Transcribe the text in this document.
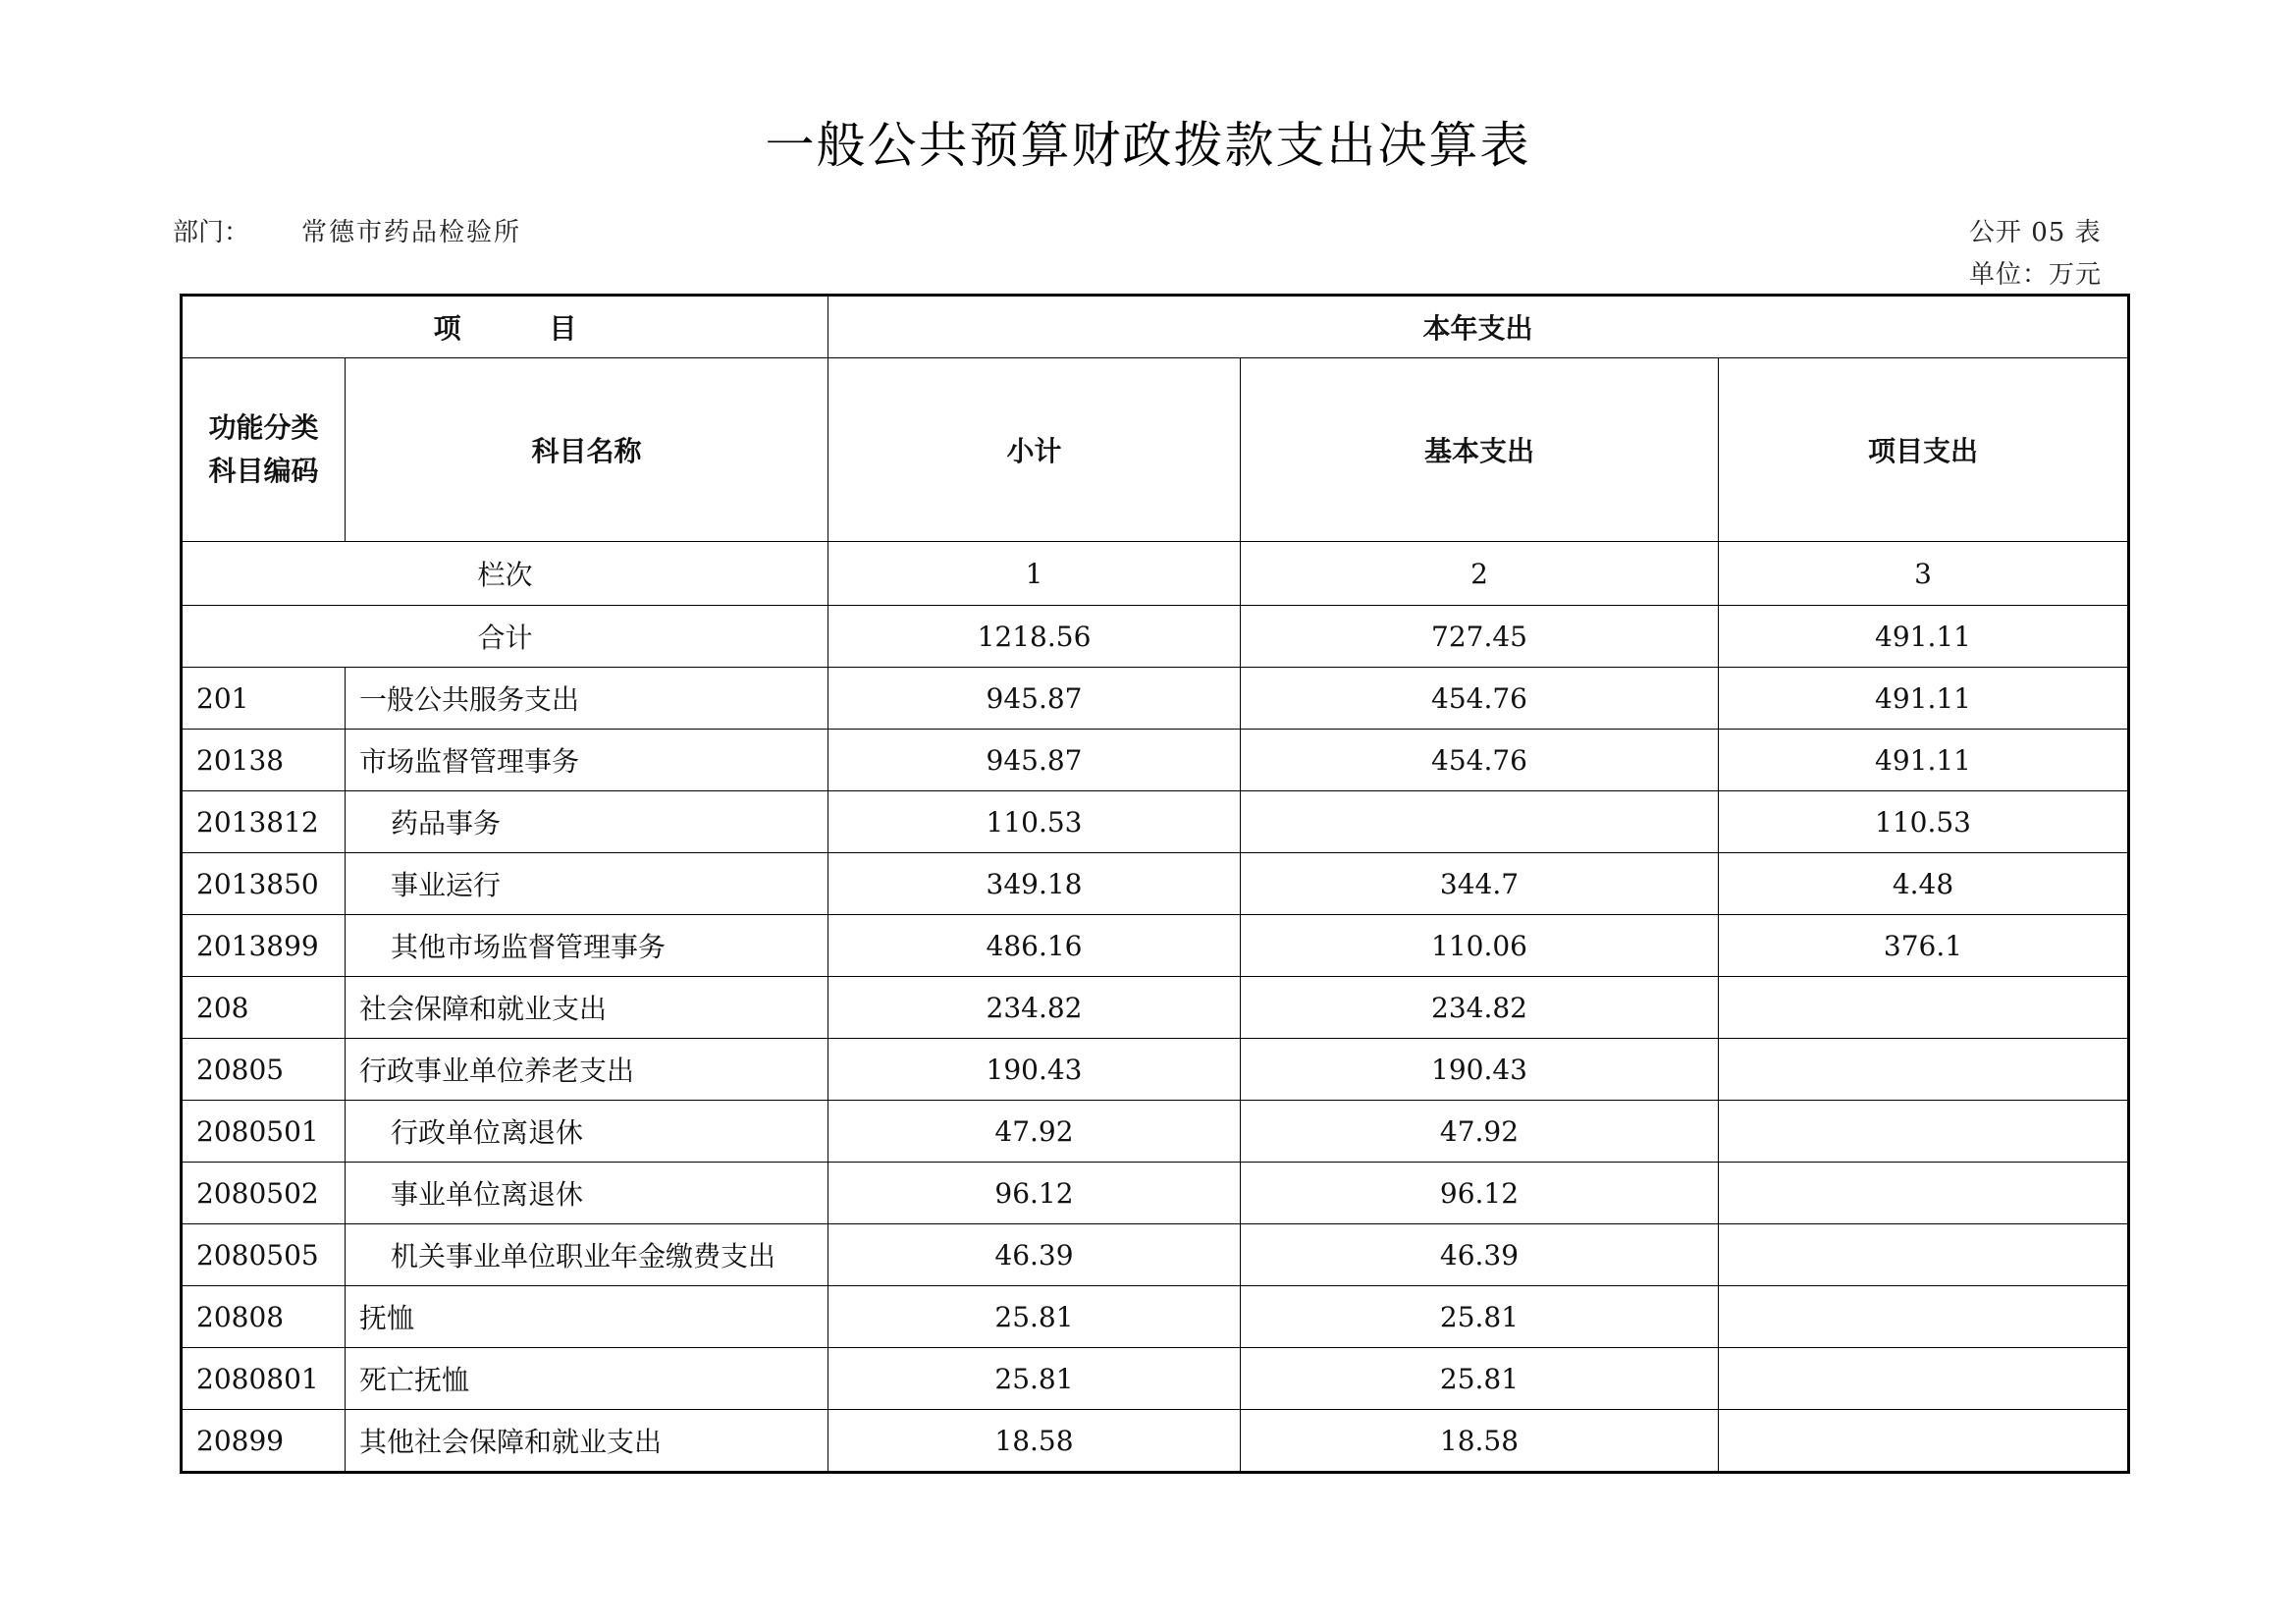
一般公共预算财政拨款支出决算表
部门： 常德市药品检验所	公开 05 表
单位：万元
项 目		本年支出		

功能分类
科目编码	科目名称	小计	基本支出	项目支出
栏次		1	2	3
合计		1218.56	727.45	491.11
201	一般公共服务支出	945.87	454.76	491.11
20138	市场监督管理事务	945.87	454.76	491.11
2013812	药品事务	110.53		110.53
2013850	事业运行	349.18	344.7	4.48
2013899	其他市场监督管理事务	486.16	110.06	376.1
208	社会保障和就业支出	234.82	234.82	
20805	行政事业单位养老支出	190.43	190.43	
2080501	行政单位离退休	47.92	47.92	
2080502	事业单位离退休	96.12	96.12	
2080505	机关事业单位职业年金缴费支出	46.39	46.39	
20808	抚恤	25.81	25.81	
2080801	死亡抚恤	25.81	25.81	
20899	其他社会保障和就业支出	18.58	18.58	
